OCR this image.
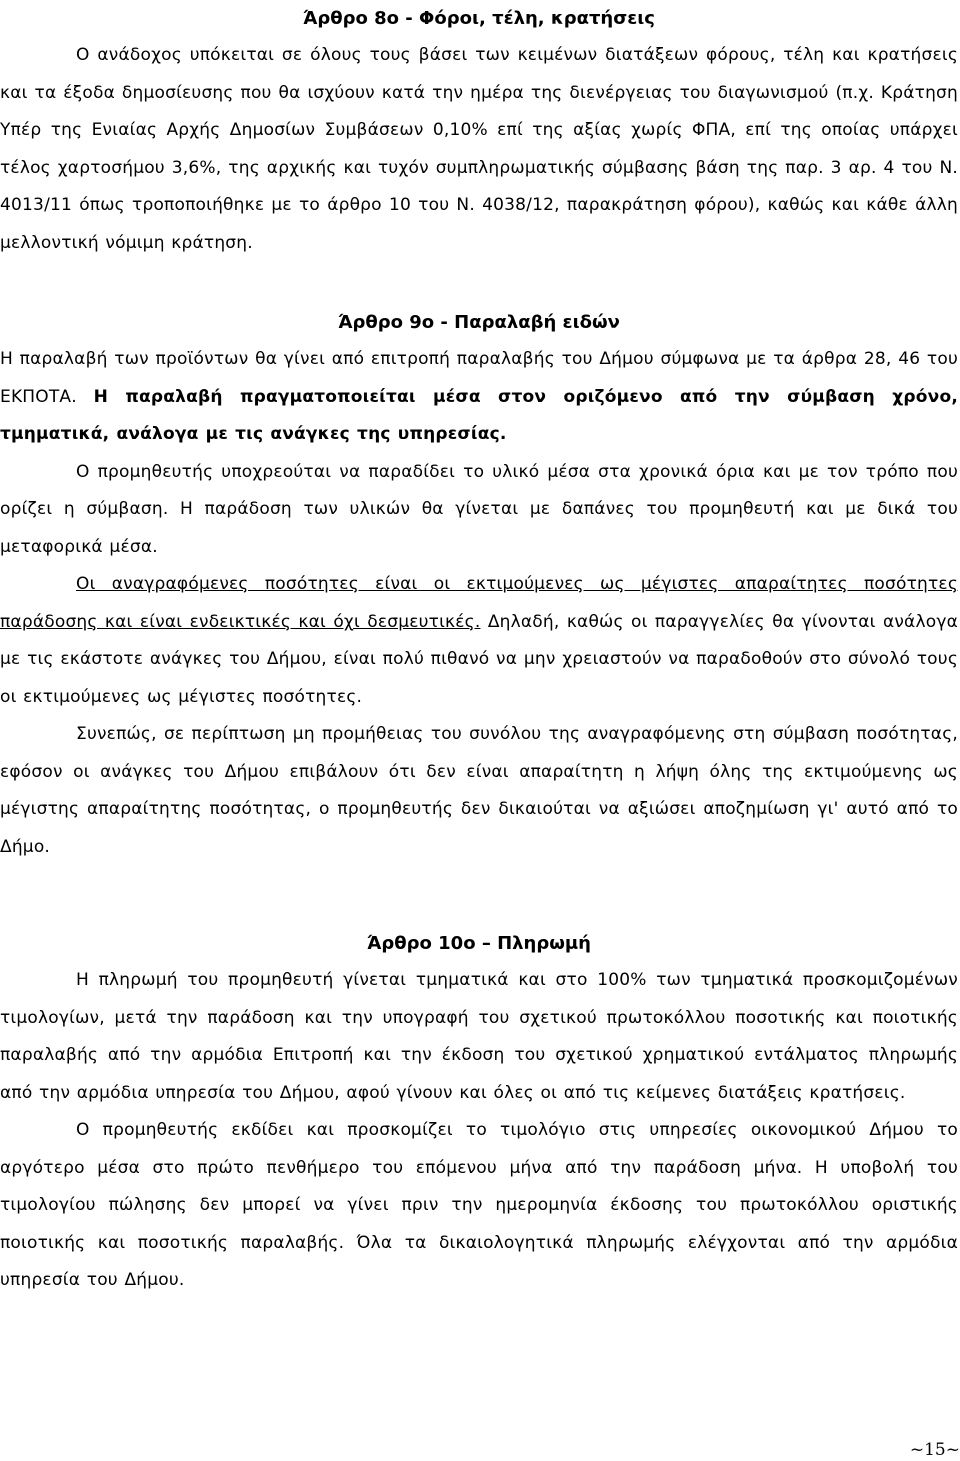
Άρθρο 8ο - Φόροι, τέλη, κρατήσεις

Ο ανάδοχος υπόκειται σε όλους τους βάσει των κειμένων διατάξεων φόρους, τέλη και κρατήσεις και τα έξοδα δημοσίευσης που θα ισχύουν κατά την ημέρα της διενέργειας του διαγωνισμού (π.χ. Κράτηση Υπέρ της Ενιαίας Αρχής Δημοσίων Συμβάσεων 0,10% επί της αξίας χωρίς ΦΠΑ, επί της οποίας υπάρχει τέλος χαρτοσήμου 3,6%, της αρχικής και τυχόν συμπληρωματικής σύμβασης βάση της παρ. 3 αρ. 4 του Ν. 4013/11 όπως τροποποιήθηκε με το άρθρο 10 του Ν. 4038/12, παρακράτηση φόρου), καθώς και κάθε άλλη μελλοντική νόμιμη κράτηση.

Άρθρο 9ο - Παραλαβή ειδών

Η παραλαβή των προϊόντων θα γίνει από επιτροπή παραλαβής του Δήμου σύμφωνα με τα άρθρα 28, 46 του ΕΚΠΟΤΑ. Η παραλαβή πραγματοποιείται μέσα στον οριζόμενο από την σύμβαση χρόνο, τμηματικά, ανάλογα με τις ανάγκες της υπηρεσίας.

Ο προμηθευτής υποχρεούται να παραδίδει το υλικό μέσα στα χρονικά όρια και με τον τρόπο που ορίζει η σύμβαση. Η παράδοση των υλικών θα γίνεται με δαπάνες του προμηθευτή και με δικά του μεταφορικά μέσα.

Οι αναγραφόμενες ποσότητες είναι οι εκτιμούμενες ως μέγιστες απαραίτητες ποσότητες παράδοσης και είναι ενδεικτικές και όχι δεσμευτικές. Δηλαδή, καθώς οι παραγγελίες θα γίνονται ανάλογα με τις εκάστοτε ανάγκες του Δήμου, είναι πολύ πιθανό να μην χρειαστούν να παραδοθούν στο σύνολό τους οι εκτιμούμενες ως μέγιστες ποσότητες.

Συνεπώς, σε περίπτωση μη προμήθειας του συνόλου της αναγραφόμενης στη σύμβαση ποσότητας, εφόσον οι ανάγκες του Δήμου επιβάλουν ότι δεν είναι απαραίτητη η λήψη όλης της εκτιμούμενης ως μέγιστης απαραίτητης ποσότητας, ο προμηθευτής δεν δικαιούται να αξιώσει αποζημίωση γι' αυτό από το Δήμο.

Άρθρο 10ο – Πληρωμή

Η πληρωμή του προμηθευτή γίνεται τμηματικά και στο 100% των τμηματικά προσκομιζομένων τιμολογίων, μετά την παράδοση και την υπογραφή του σχετικού πρωτοκόλλου ποσοτικής και ποιοτικής παραλαβής από την αρμόδια Επιτροπή και την έκδοση του σχετικού χρηματικού εντάλματος πληρωμής από την αρμόδια υπηρεσία του Δήμου, αφού γίνουν και όλες οι από τις κείμενες διατάξεις κρατήσεις.

Ο προμηθευτής εκδίδει και προσκομίζει το τιμολόγιο στις υπηρεσίες οικονομικού Δήμου το αργότερο μέσα στο πρώτο πενθήμερο του επόμενου μήνα από την παράδοση μήνα. Η υποβολή του τιμολογίου πώλησης δεν μπορεί να γίνει πριν την ημερομηνία έκδοσης του πρωτοκόλλου οριστικής ποιοτικής και ποσοτικής παραλαβής. Όλα τα δικαιολογητικά πληρωμής ελέγχονται από την αρμόδια υπηρεσία του Δήμου.

~15~
